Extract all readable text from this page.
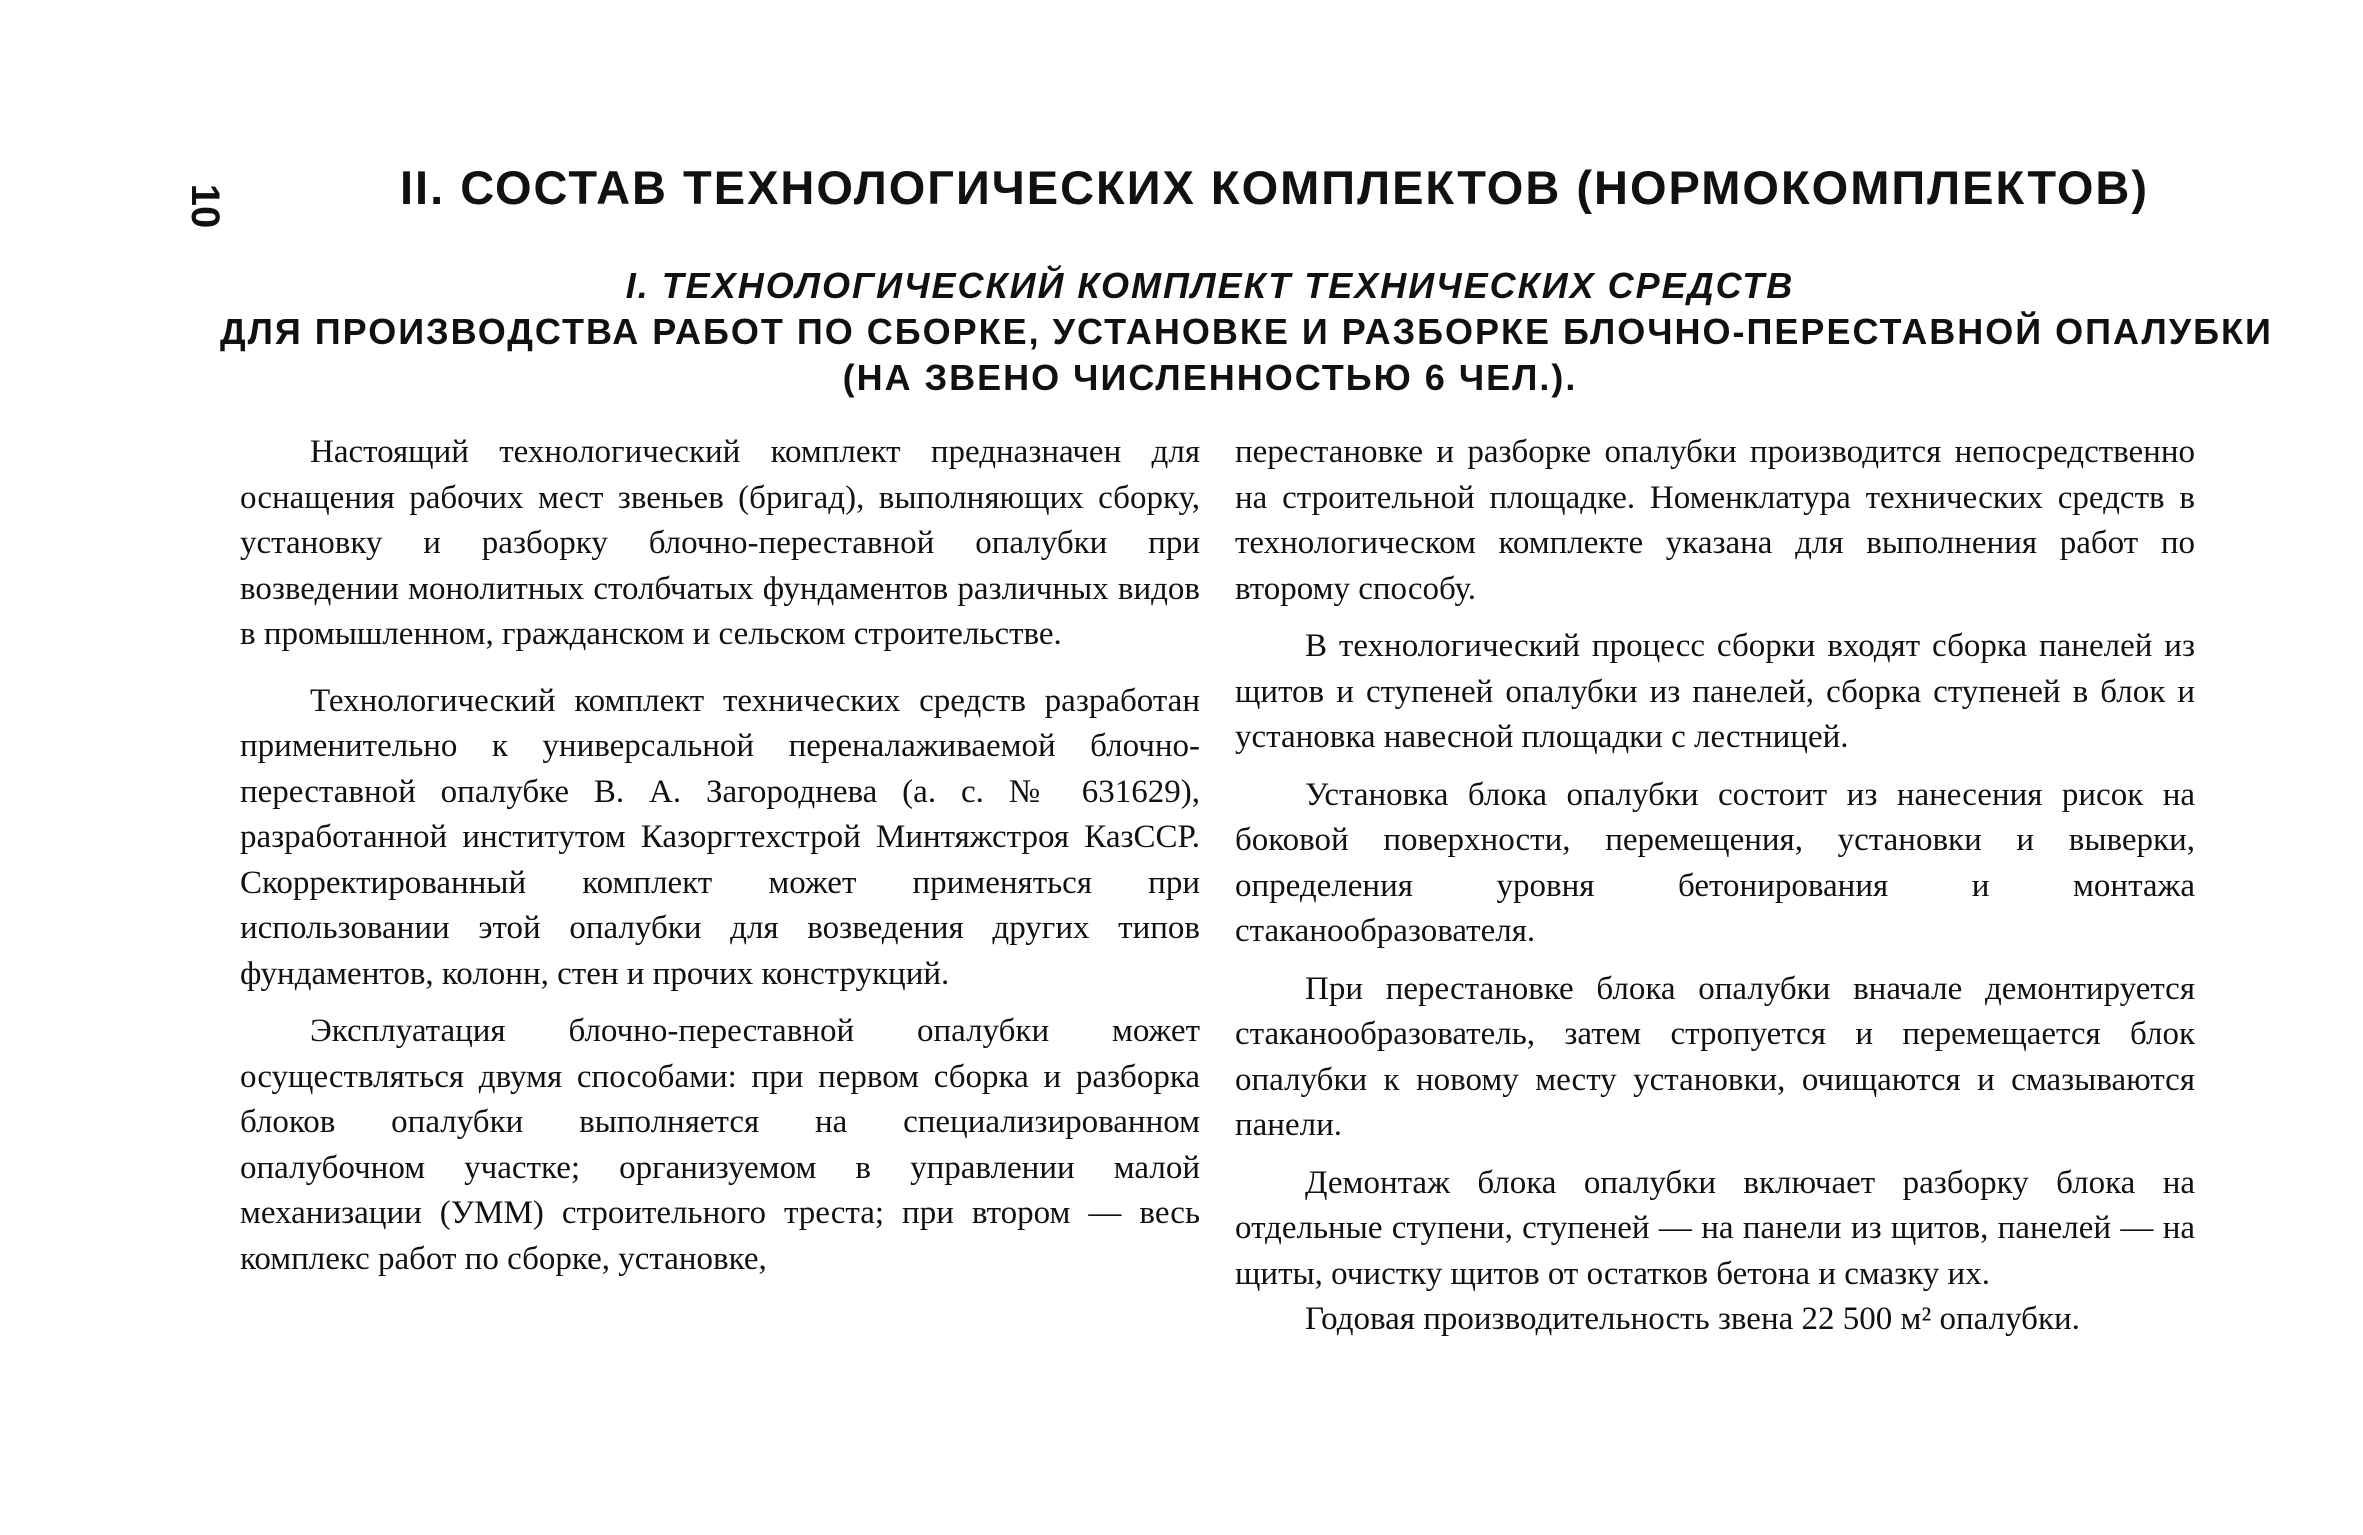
10	II. СОСТАВ ТЕХНОЛОГИЧЕСКИХ КОМПЛЕКТОВ (НОРМОКОМПЛЕКТОВ)
I. ТЕХНОЛОГИЧЕСКИЙ КОМПЛЕКТ ТЕХНИЧЕСКИХ СРЕДСТВ
ДЛЯ ПРОИЗВОДСТВА РАБОТ ПО СБОРКЕ, УСТАНОВКЕ И РАЗБОРКЕ БЛОЧНО-ПЕРЕСТАВНОЙ ОПАЛУБКИ
(НА ЗВЕНО ЧИСЛЕННОСТЬЮ 6 ЧЕЛ.).

Настоящий технологический комплект предназначен для оснащения рабочих мест звеньев (бригад), выполняющих сборку, установку и разборку блочно-переставной опалубки при возведении монолитных столбчатых фундаментов различных видов в промышленном, гражданском и сельском строительстве.

Технологический комплект технических средств разработан применительно к универсальной переналаживаемой блочно-переставной опалубке В. А. Загороднева (а. с. № 631629), разработанной институтом Казоргтехстрой Минтяжстроя КазССР. Скорректированный комплект может применяться при использовании этой опалубки для возведения других типов фундаментов, колонн, стен и прочих конструкций.

Эксплуатация блочно-переставной опалубки может осуществляться двумя способами: при первом сборка и разборка блоков опалубки выполняется на специализированном опалубочном участке; организуемом в управлении малой механизации (УММ) строительного треста; при втором — весь комплекс работ по сборке, установке,

перестановке и разборке опалубки производится непосредственно на строительной площадке. Номенклатура технических средств в технологическом комплекте указана для выполнения работ по второму способу.

В технологический процесс сборки входят сборка панелей из щитов и ступеней опалубки из панелей, сборка ступеней в блок и установка навесной площадки с лестницей.

Установка блока опалубки состоит из нанесения рисок на боковой поверхности, перемещения, установки и выверки, определения уровня бетонирования и монтажа стаканообразователя.

При перестановке блока опалубки вначале демонтируется стаканообразователь, затем стропуется и перемещается блок опалубки к новому месту установки, очищаются и смазываются панели.

Демонтаж блока опалубки включает разборку блока на отдельные ступени, ступеней — на панели из щитов, панелей — на щиты, очистку щитов от остатков бетона и смазку их.

Годовая производительность звена 22 500 м² опалубки.
